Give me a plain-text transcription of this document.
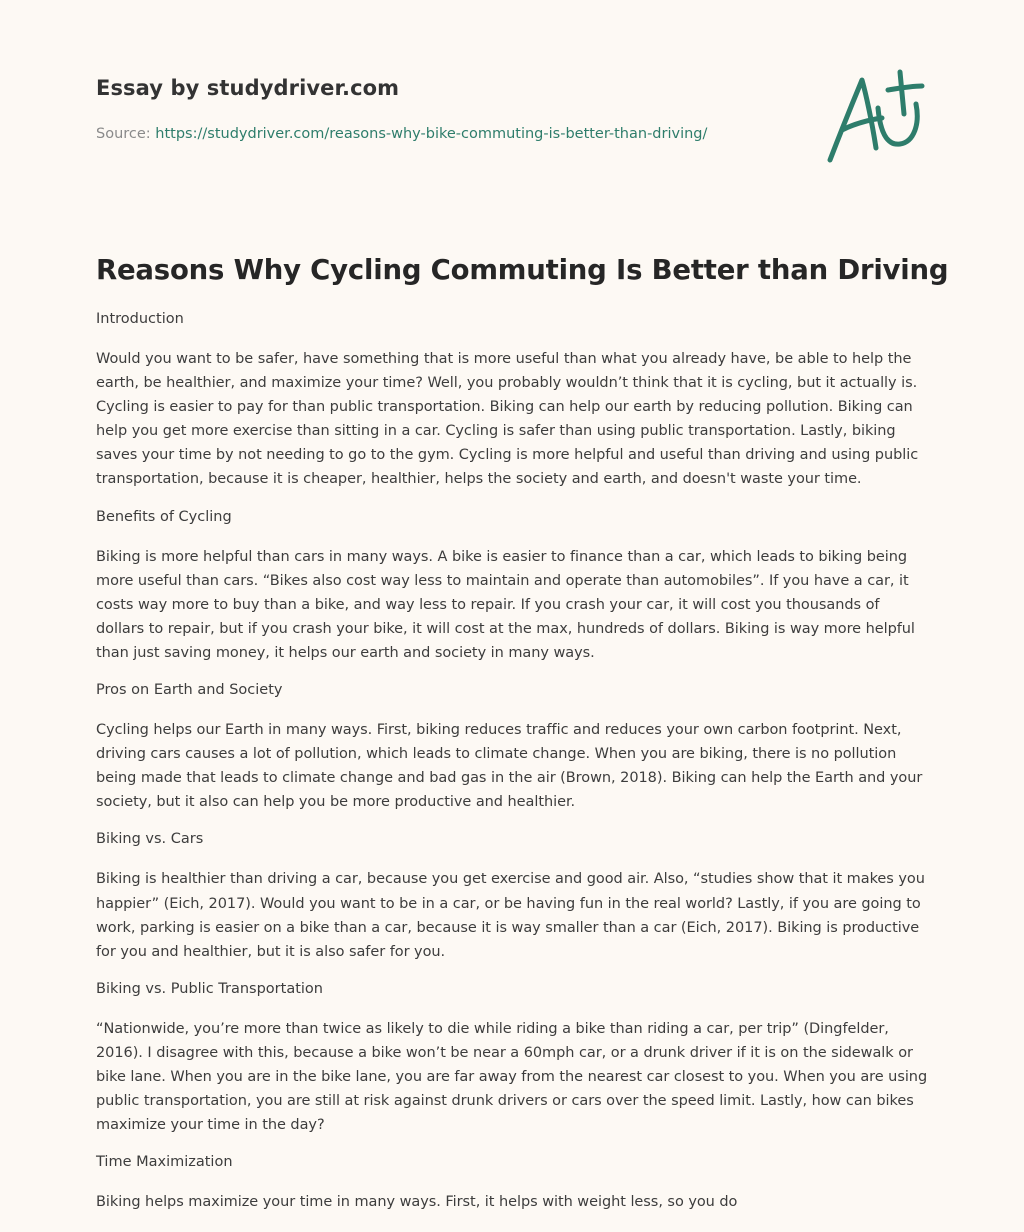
Essay by studydriver.com
Source: https://studydriver.com/reasons-why-bike-commuting-is-better-than-driving/
Reasons Why Cycling Commuting Is Better than Driving
Introduction

Would you want to be safer, have something that is more useful than what you already have, be able to help the earth, be healthier, and maximize your time? Well, you probably wouldn’t think that it is cycling, but it actually is. Cycling is easier to pay for than public transportation. Biking can help our earth by reducing pollution. Biking can help you get more exercise than sitting in a car. Cycling is safer than using public transportation. Lastly, biking saves your time by not needing to go to the gym. Cycling is more helpful and useful than driving and using public transportation, because it is cheaper, healthier, helps the society and earth, and doesn't waste your time.

Benefits of Cycling

Biking is more helpful than cars in many ways. A bike is easier to finance than a car, which leads to biking being more useful than cars. “Bikes also cost way less to maintain and operate than automobiles”. If you have a car, it costs way more to buy than a bike, and way less to repair. If you crash your car, it will cost you thousands of dollars to repair, but if you crash your bike, it will cost at the max, hundreds of dollars. Biking is way more helpful than just saving money, it helps our earth and society in many ways.

Pros on Earth and Society

Cycling helps our Earth in many ways. First, biking reduces traffic and reduces your own carbon footprint. Next, driving cars causes a lot of pollution, which leads to climate change. When you are biking, there is no pollution being made that leads to climate change and bad gas in the air (Brown, 2018). Biking can help the Earth and your society, but it also can help you be more productive and healthier.

Biking vs. Cars

Biking is healthier than driving a car, because you get exercise and good air. Also, “studies show that it makes you happier” (Eich, 2017). Would you want to be in a car, or be having fun in the real world? Lastly, if you are going to work, parking is easier on a bike than a car, because it is way smaller than a car (Eich, 2017). Biking is productive for you and healthier, but it is also safer for you.

Biking vs. Public Transportation

“Nationwide, you’re more than twice as likely to die while riding a bike than riding a car, per trip” (Dingfelder, 2016). I disagree with this, because a bike won’t be near a 60mph car, or a drunk driver if it is on the sidewalk or bike lane. When you are in the bike lane, you are far away from the nearest car closest to you. When you are using public transportation, you are still at risk against drunk drivers or cars over the speed limit. Lastly, how can bikes maximize your time in the day?

Time Maximization

Biking helps maximize your time in many ways. First, it helps with weight less, so you do
